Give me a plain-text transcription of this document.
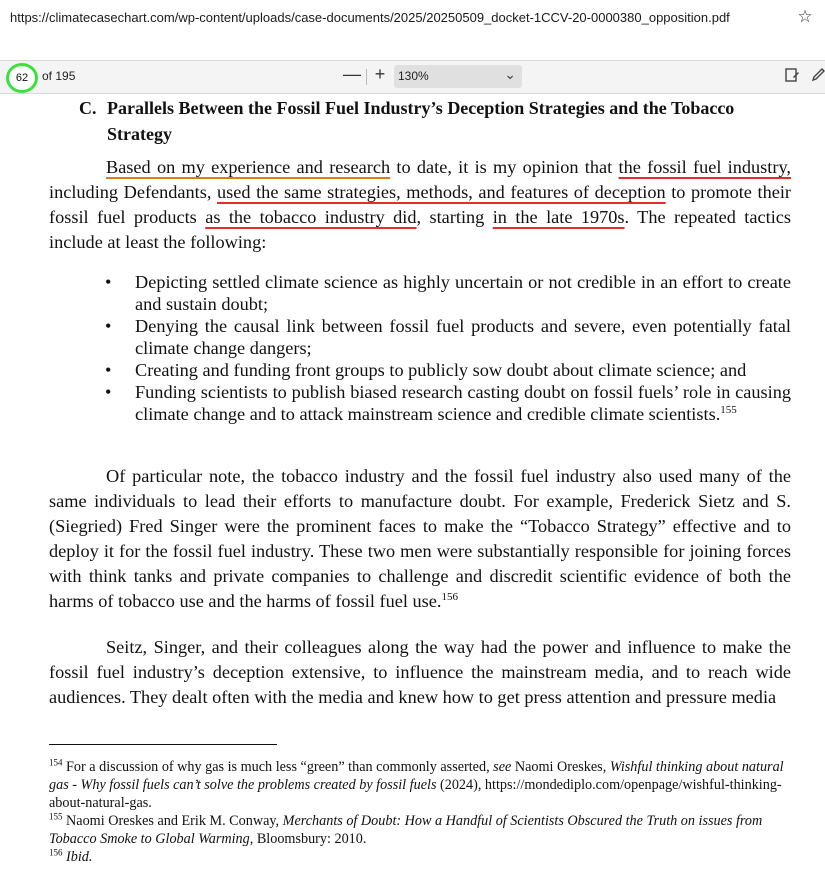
https://climatecasechart.com/wp-content/uploads/case-documents/2025/20250509_docket-1CCV-20-0000380_opposition.pdf	☆
62	of 195	— +	130%	⌄
C. Parallels Between the Fossil Fuel Industry’s Deception Strategies and the Tobacco
Strategy
Based on my experience and research to date, it is my opinion that the fossil fuel industry, including Defendants, used the same strategies, methods, and features of deception to promote their fossil fuel products as the tobacco industry did, starting in the late 1970s. The repeated tactics include at least the following:
•	Depicting settled climate science as highly uncertain or not credible in an effort to create and sustain doubt;
•	Denying the causal link between fossil fuel products and severe, even potentially fatal climate change dangers;
•	Creating and funding front groups to publicly sow doubt about climate science; and
•	Funding scientists to publish biased research casting doubt on fossil fuels’ role in causing climate change and to attack mainstream science and credible climate scientists.$^{155}$
Of particular note, the tobacco industry and the fossil fuel industry also used many of the same individuals to lead their efforts to manufacture doubt. For example, Frederick Sietz and S. (Siegried) Fred Singer were the prominent faces to make the “Tobacco Strategy” effective and to deploy it for the fossil fuel industry. These two men were substantially responsible for joining forces with think tanks and private companies to challenge and discredit scientific evidence of both the harms of tobacco use and the harms of fossil fuel use.$^{156}$
Seitz, Singer, and their colleagues along the way had the power and influence to make the fossil fuel industry’s deception extensive, to influence the mainstream media, and to reach wide audiences. They dealt often with the media and knew how to get press attention and pressure media
$^{154}$ For a discussion of why gas is much less “green” than commonly asserted, see Naomi Oreskes, Wishful thinking about natural gas - Why fossil fuels can’t solve the problems created by fossil fuels (2024), https://mondediplo.com/openpage/wishful-thinking-about-natural-gas.
$^{155}$ Naomi Oreskes and Erik M. Conway, Merchants of Doubt: How a Handful of Scientists Obscured the Truth on issues from Tobacco Smoke to Global Warming, Bloomsbury: 2010.
$^{156}$ Ibid.
